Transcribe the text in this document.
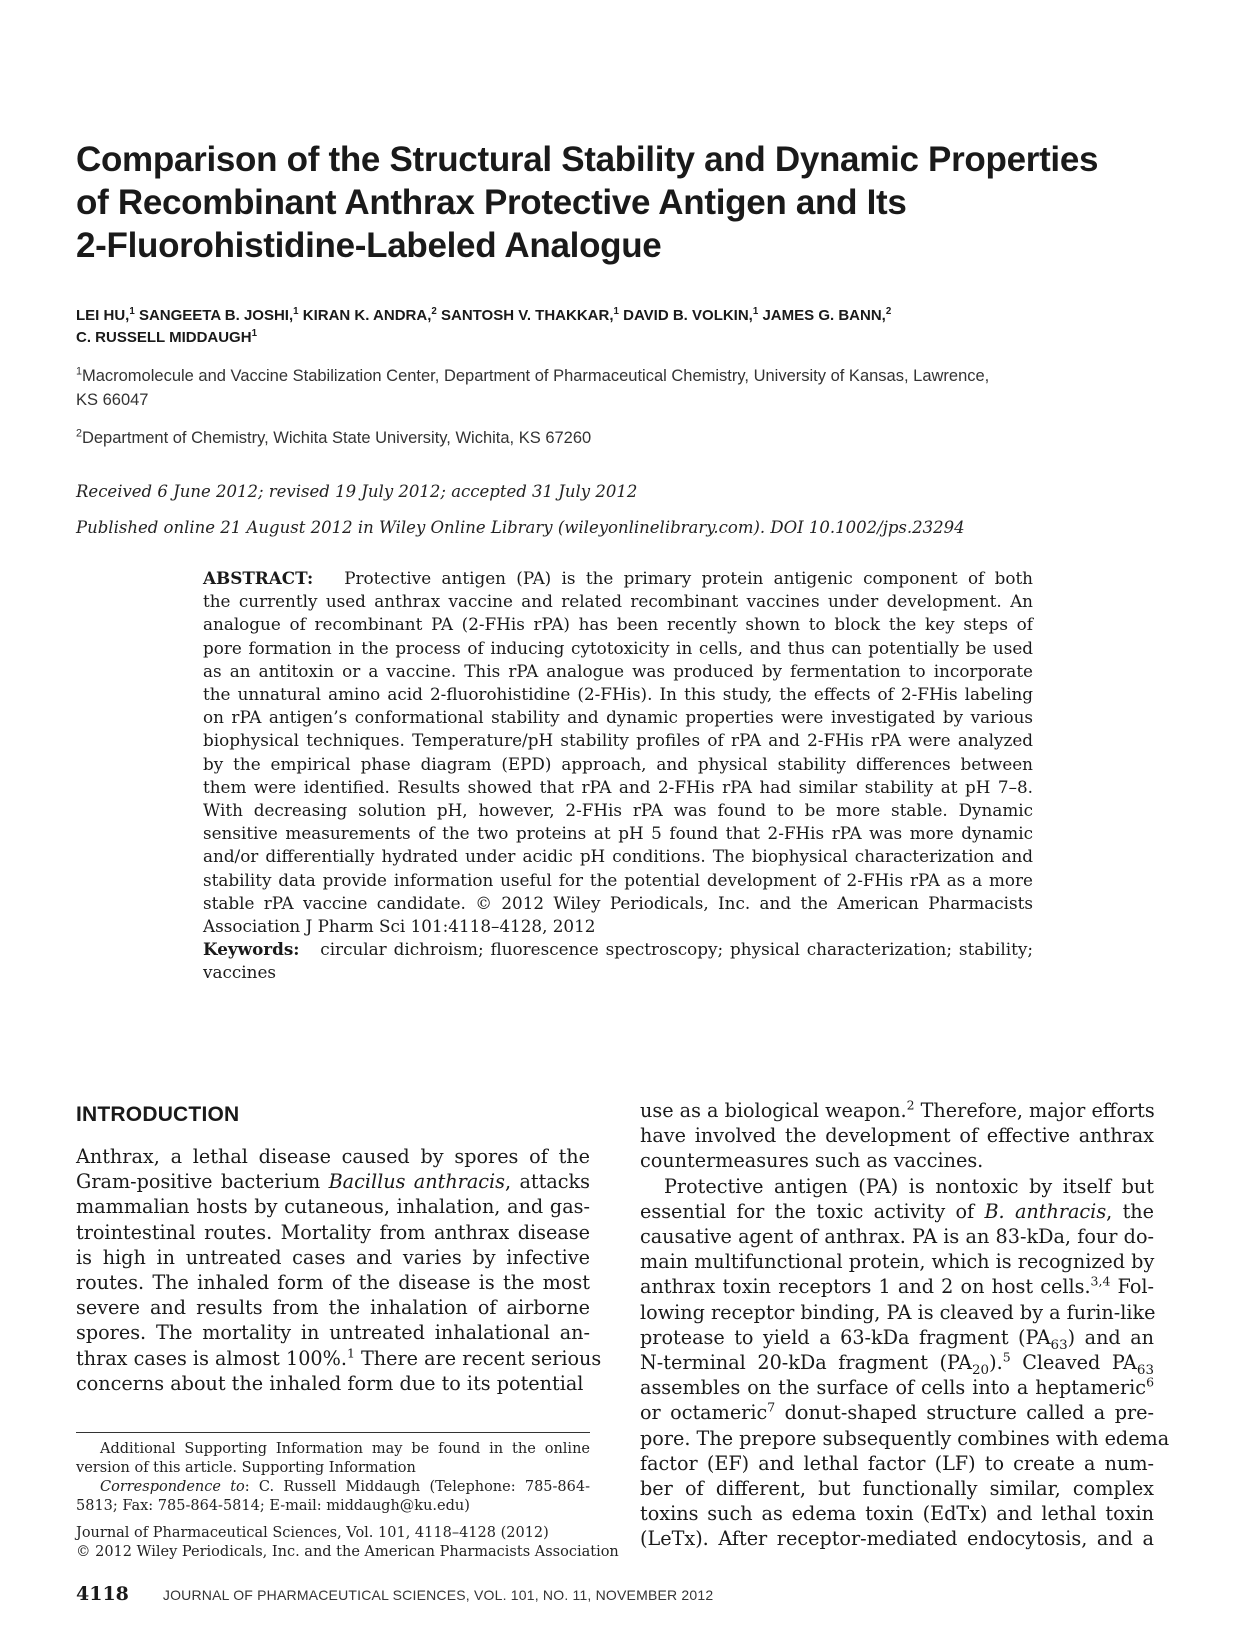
Comparison of the Structural Stability and Dynamic Properties
of Recombinant Anthrax Protective Antigen and Its
2-Fluorohistidine-Labeled Analogue
LEI HU,$^1$ SANGEETA B. JOSHI,$^1$ KIRAN K. ANDRA,$^2$ SANTOSH V. THAKKAR,$^1$ DAVID B. VOLKIN,$^1$ JAMES G. BANN,$^2$
C. RUSSELL MIDDAUGH$^1$
$^1$Macromolecule and Vaccine Stabilization Center, Department of Pharmaceutical Chemistry, University of Kansas, Lawrence,
KS 66047
$^2$Department of Chemistry, Wichita State University, Wichita, KS 67260
Received 6 June 2012; revised 19 July 2012; accepted 31 July 2012
Published online 21 August 2012 in Wiley Online Library (wileyonlinelibrary.com). DOI 10.1002/jps.23294
ABSTRACT: Protective antigen (PA) is the primary protein antigenic component of both
the currently used anthrax vaccine and related recombinant vaccines under development. An
analogue of recombinant PA (2-FHis rPA) has been recently shown to block the key steps of
pore formation in the process of inducing cytotoxicity in cells, and thus can potentially be used
as an antitoxin or a vaccine. This rPA analogue was produced by fermentation to incorporate
the unnatural amino acid 2-fluorohistidine (2-FHis). In this study, the effects of 2-FHis labeling
on rPA antigen’s conformational stability and dynamic properties were investigated by various
biophysical techniques. Temperature/pH stability profiles of rPA and 2-FHis rPA were analyzed
by the empirical phase diagram (EPD) approach, and physical stability differences between
them were identified. Results showed that rPA and 2-FHis rPA had similar stability at pH 7–8.
With decreasing solution pH, however, 2-FHis rPA was found to be more stable. Dynamic
sensitive measurements of the two proteins at pH 5 found that 2-FHis rPA was more dynamic
and/or differentially hydrated under acidic pH conditions. The biophysical characterization and
stability data provide information useful for the potential development of 2-FHis rPA as a more
stable rPA vaccine candidate. © 2012 Wiley Periodicals, Inc. and the American Pharmacists
Association J Pharm Sci 101:4118–4128, 2012
Keywords: circular dichroism; fluorescence spectroscopy; physical characterization; stability;
vaccines
INTRODUCTION
Anthrax, a lethal disease caused by spores of the
Gram-positive bacterium Bacillus anthracis, attacks
mammalian hosts by cutaneous, inhalation, and gas-
trointestinal routes. Mortality from anthrax disease
is high in untreated cases and varies by infective
routes. The inhaled form of the disease is the most
severe and results from the inhalation of airborne
spores. The mortality in untreated inhalational an-
thrax cases is almost 100%.$^1$ There are recent serious
concerns about the inhaled form due to its potential
use as a biological weapon.$^2$ Therefore, major efforts
have involved the development of effective anthrax
countermeasures such as vaccines.
Protective antigen (PA) is nontoxic by itself but
essential for the toxic activity of B. anthracis, the
causative agent of anthrax. PA is an 83-kDa, four do-
main multifunctional protein, which is recognized by
anthrax toxin receptors 1 and 2 on host cells.$^{3,4}$ Fol-
lowing receptor binding, PA is cleaved by a furin-like
protease to yield a 63-kDa fragment $(PA_{63})$ and an
N-terminal 20-kDa fragment $(PA_{20}).^5$ Cleaved $PA_{63}$
assembles on the surface of cells into a heptameric$^6$
or octameric$^7$ donut-shaped structure called a pre-
pore. The prepore subsequently combines with edema
factor (EF) and lethal factor (LF) to create a num-
ber of different, but functionally similar, complex
toxins such as edema toxin (EdTx) and lethal toxin
(LeTx). After receptor-mediated endocytosis, and a
Additional Supporting Information may be found in the online
version of this article. Supporting Information
Correspondence to: C. Russell Middaugh (Telephone: 785-864-
5813; Fax: 785-864-5814; E-mail: middaugh@ku.edu)
Journal of Pharmaceutical Sciences, Vol. 101, 4118–4128 (2012)
© 2012 Wiley Periodicals, Inc. and the American Pharmacists Association
4118 JOURNAL OF PHARMACEUTICAL SCIENCES, VOL. 101, NO. 11, NOVEMBER 2012
